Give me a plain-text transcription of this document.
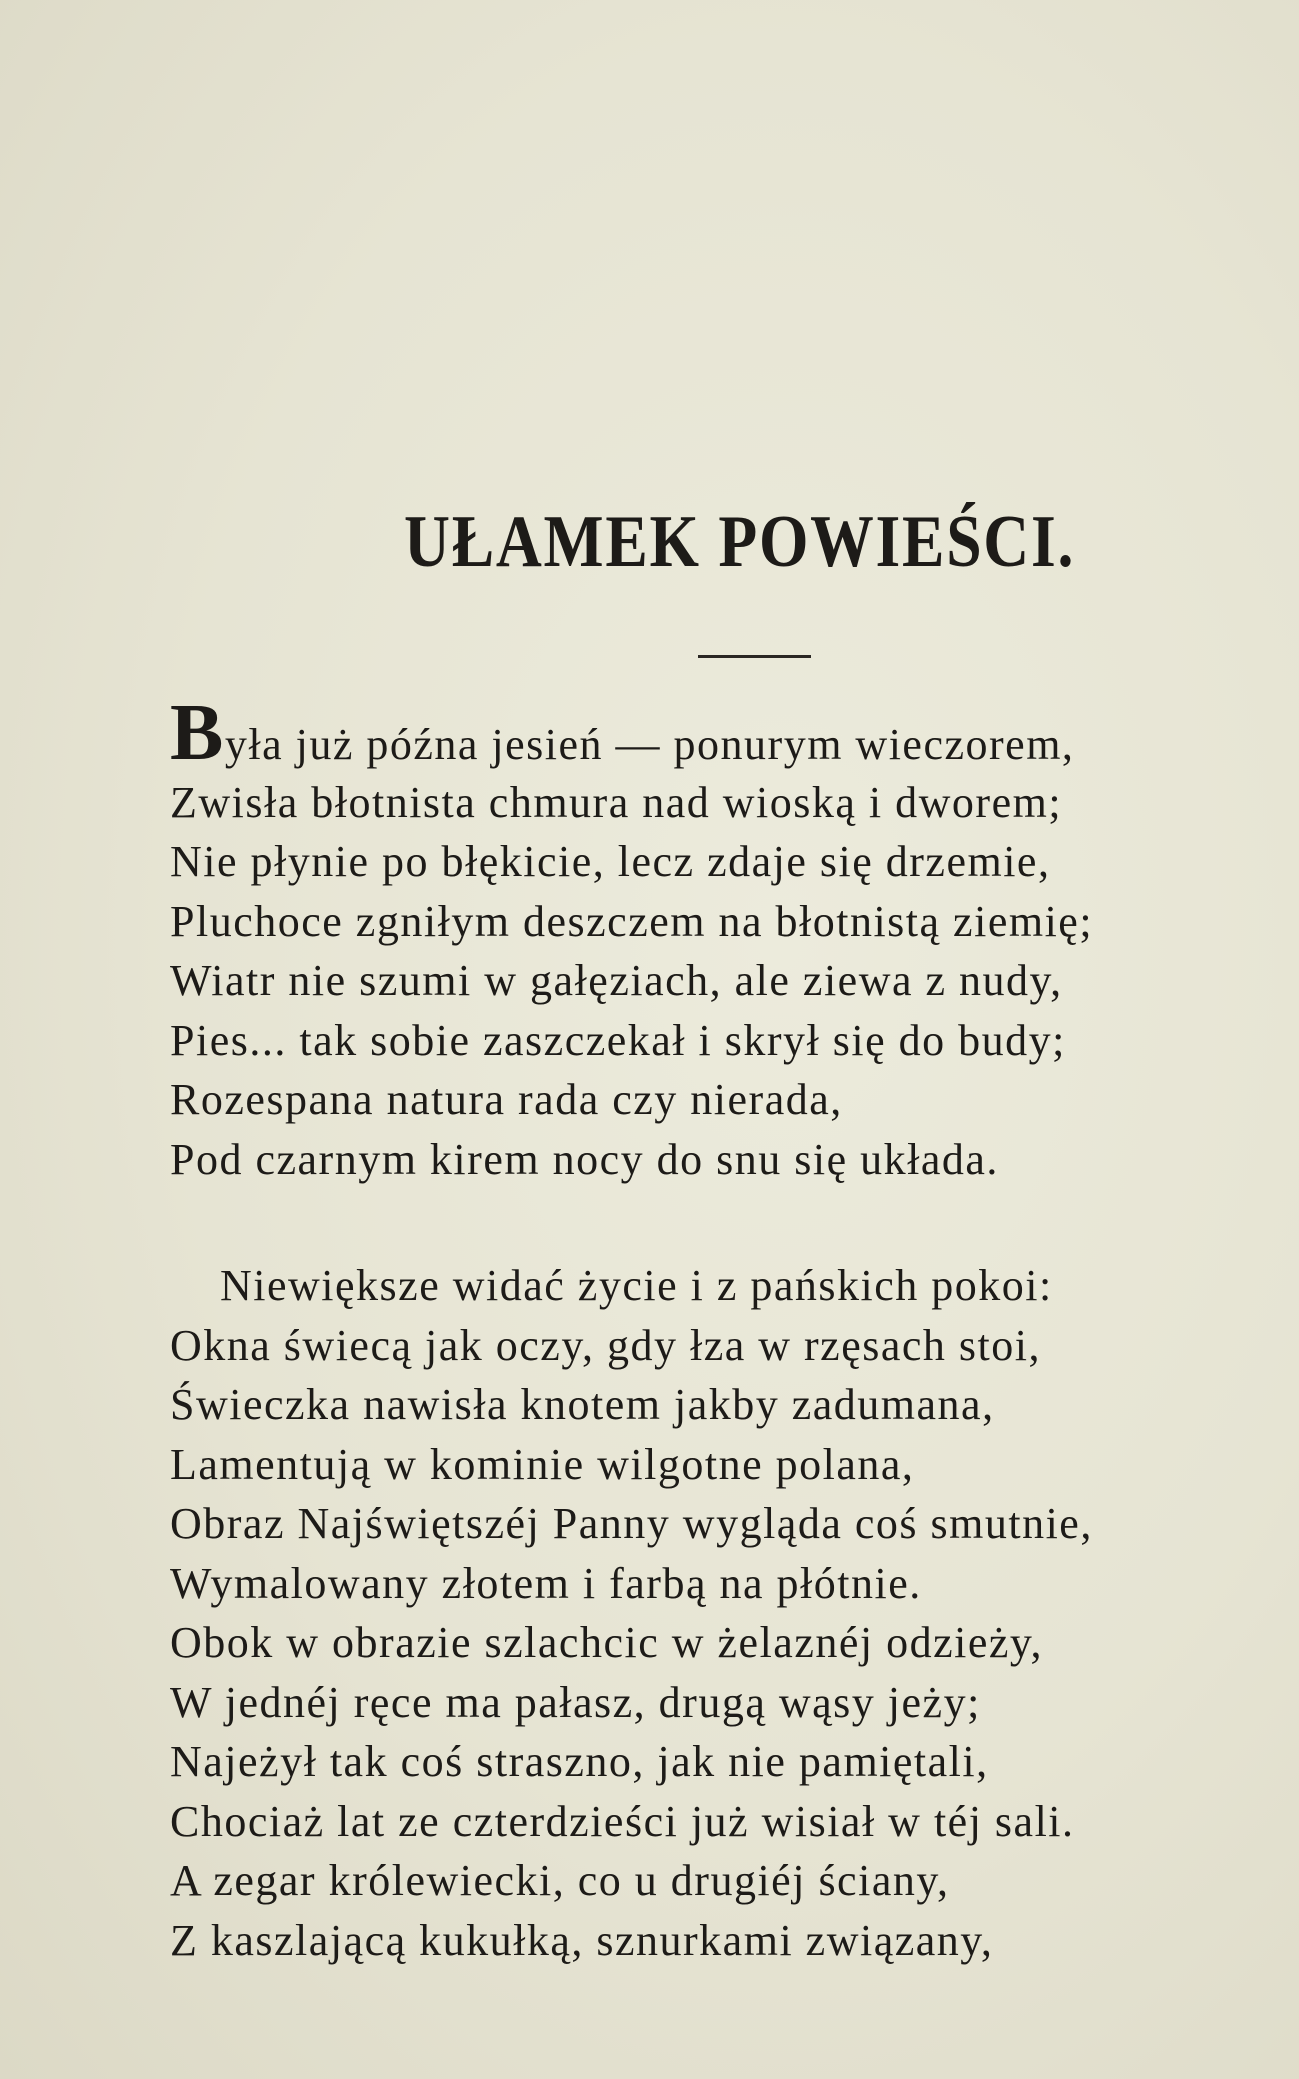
UŁAMEK POWIEŚCI.
Była już późna jesień — ponurym wieczorem,
Zwisła błotnista chmura nad wioską i dworem;
Nie płynie po błękicie, lecz zdaje się drzemie,
Pluchoce zgniłym deszczem na błotnistą ziemię;
Wiatr nie szumi w gałęziach, ale ziewa z nudy,
Pies... tak sobie zaszczekał i skrył się do budy;
Rozespana natura rada czy nierada,
Pod czarnym kirem nocy do snu się układa.
Niewiększe widać życie i z pańskich pokoi:
Okna świecą jak oczy, gdy łza w rzęsach stoi,
Świeczka nawisła knotem jakby zadumana,
Lamentują w kominie wilgotne polana,
Obraz Najświętszéj Panny wygląda coś smutnie,
Wymalowany złotem i farbą na płótnie.
Obok w obrazie szlachcic w żelaznéj odzieży,
W jednéj ręce ma pałasz, drugą wąsy jeży;
Najeżył tak coś straszno, jak nie pamiętali,
Chociaż lat ze czterdzieści już wisiał w téj sali.
A zegar królewiecki, co u drugiéj ściany,
Z kaszlającą kukułką, sznurkami związany,
